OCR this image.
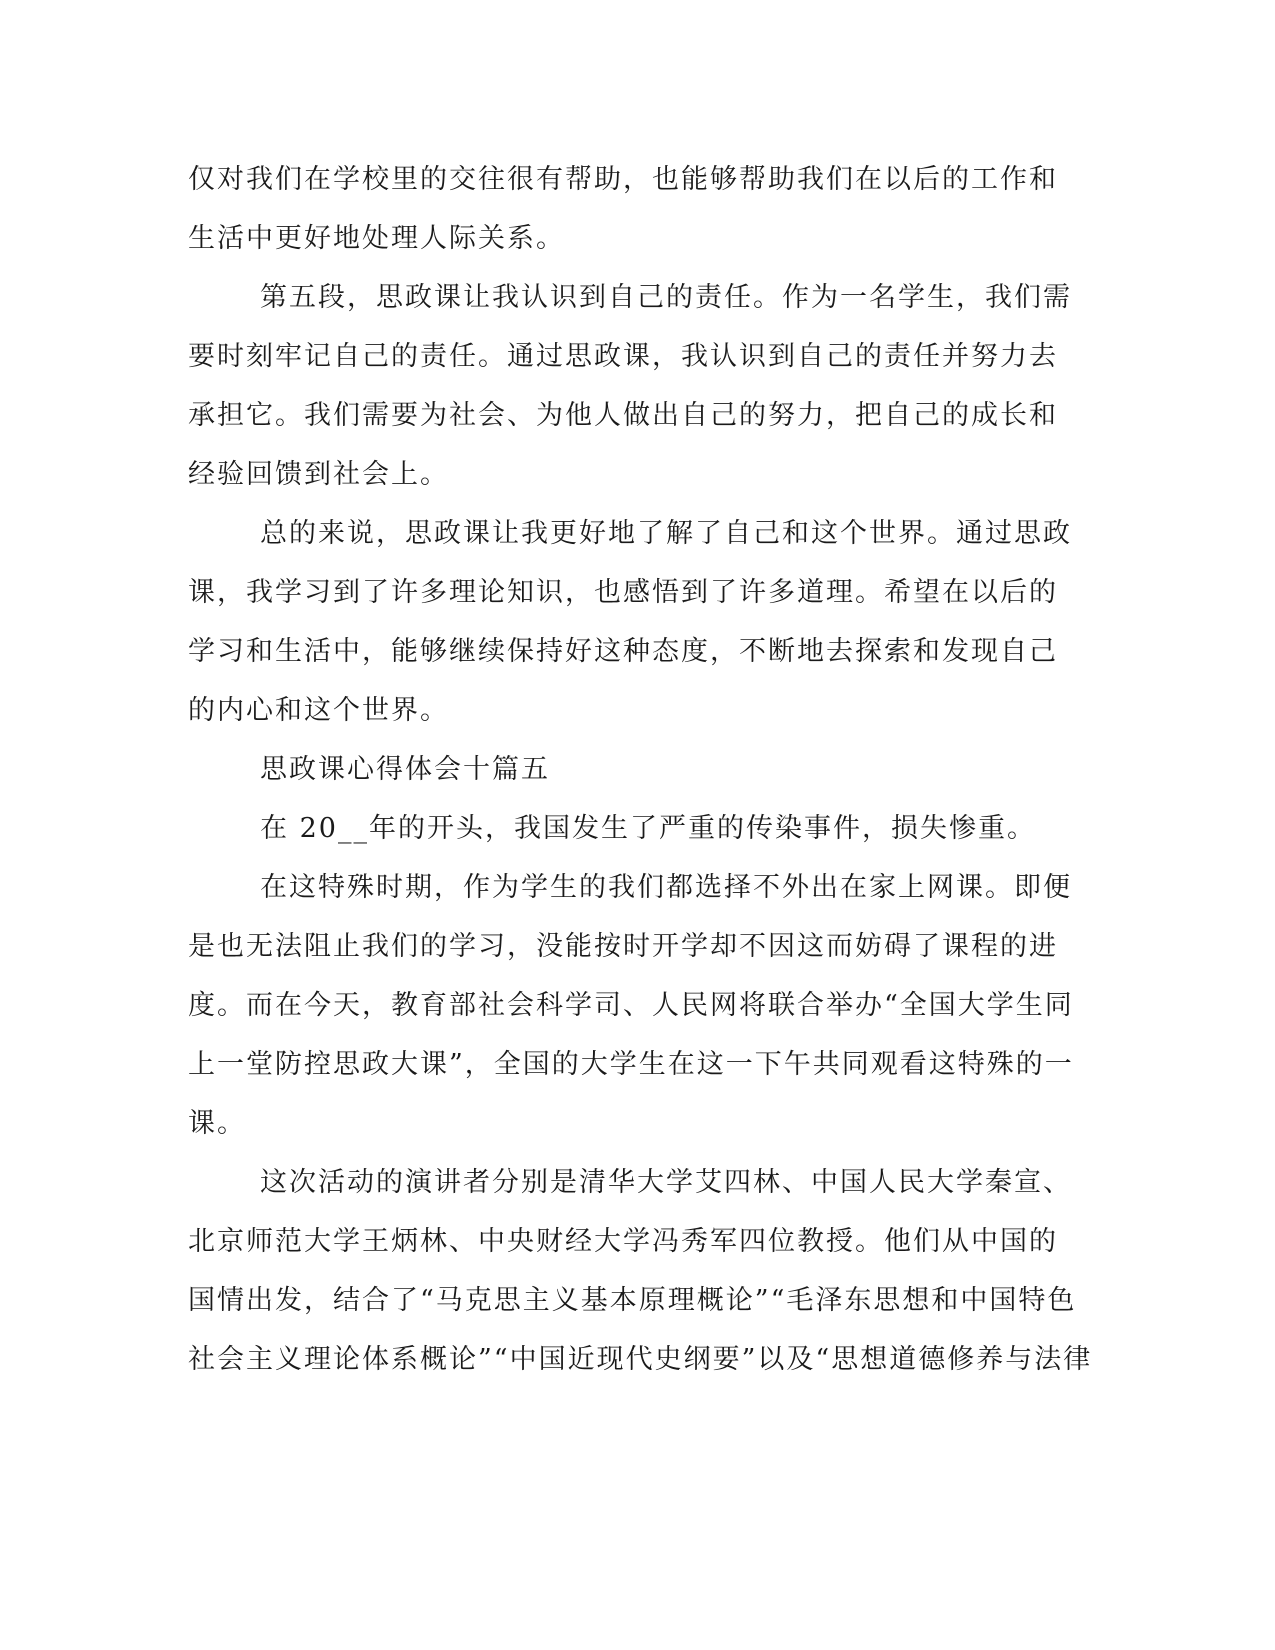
仅对我们在学校里的交往很有帮助，也能够帮助我们在以后的工作和
生活中更好地处理人际关系。
第五段，思政课让我认识到自己的责任。作为一名学生，我们需
要时刻牢记自己的责任。通过思政课，我认识到自己的责任并努力去
承担它。我们需要为社会、为他人做出自己的努力，把自己的成长和
经验回馈到社会上。
总的来说，思政课让我更好地了解了自己和这个世界。通过思政
课，我学习到了许多理论知识，也感悟到了许多道理。希望在以后的
学习和生活中，能够继续保持好这种态度，不断地去探索和发现自己
的内心和这个世界。
思政课心得体会十篇五
在 20__年的开头，我国发生了严重的传染事件，损失惨重。
在这特殊时期，作为学生的我们都选择不外出在家上网课。即便
是也无法阻止我们的学习，没能按时开学却不因这而妨碍了课程的进
度。而在今天，教育部社会科学司、人民网将联合举办“全国大学生同
上一堂防控思政大课”，全国的大学生在这一下午共同观看这特殊的一
课。
这次活动的演讲者分别是清华大学艾四林、中国人民大学秦宣、
北京师范大学王炳林、中央财经大学冯秀军四位教授。他们从中国的
国情出发，结合了“马克思主义基本原理概论”“毛泽东思想和中国特色
社会主义理论体系概论”“中国近现代史纲要”以及“思想道德修养与法律
